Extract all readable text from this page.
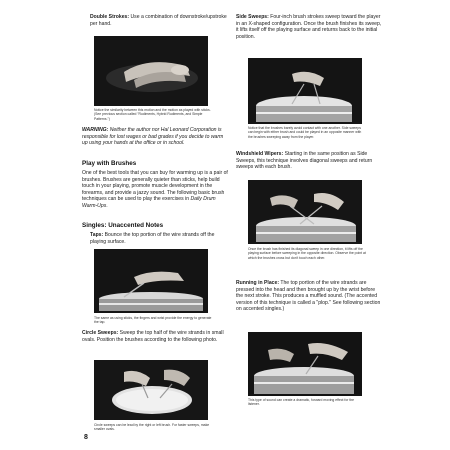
Double Strokes: Use a combination of downstroke/upstroke per hand.
Notice the similarity between this motion and the motion as played with sticks. (See previous section called "Rudiments, Hybrid Rudiments, and Simple Patterns.")
WARNING: Neither the author nor Hal Leonard Corporation is responsible for lost wages or bad grades if you decide to warm up using your hands at the office or in school.
Play with Brushes
One of the best tools that you can buy for warming up is a pair of brushes. Brushes are generally quieter than sticks, help build touch in your playing, promote muscle development in the forearms, and provide a jazzy sound. The following basic brush techniques can be used to play the exercises in Daily Drum Warm-Ups.
Singles: Unaccented Notes
Taps: Bounce the top portion of the wire strands off the playing surface.
The same as using sticks, the fingers and wrist provide the energy to generate the tap.
Circle Sweeps: Sweep the top half of the wire strands in small ovals. Position the brushes according to the following photo.
Circle sweeps can be lead by the right or left brush. For faster sweeps, make smaller ovals.
Side Sweeps: Four-inch brush strokes sweep toward the player in an X-shaped configuration. Once the brush finishes its sweep, it lifts itself off the playing surface and returns back to the initial position.
Notice that the brushes barely avoid contact with one another. Side sweeps can begin with either brush and could be played in an opposite manner with the brushes sweeping away from the player.
Windshield Wipers: Starting in the same position as Side Sweeps, this technique involves diagonal sweeps and return sweeps with each brush.
Once the brush has finished its diagonal sweep in one direction, it lifts off the playing surface before sweeping in the opposite direction. Observe the point at which the brushes cross but don't touch each other.
Running in Place: The top portion of the wire strands are pressed into the head and then brought up by the wrist before the next stroke. This produces a muffled sound. (The accented version of this technique is called a "plop." See following section on accented singles.)
This type of sound can create a dramatic, forward moving effect for the listener.
8
